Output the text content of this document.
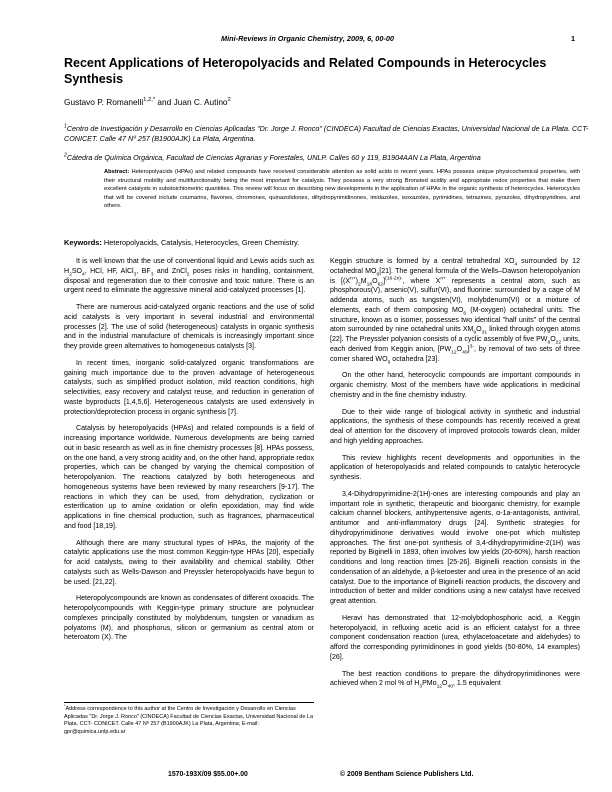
Mini-Reviews in Organic Chemistry, 2009, 6, 00-00	1
Recent Applications of Heteropolyacids and Related Compounds in Heterocycles Synthesis
Gustavo P. Romanelli$^{1,2,*}$ and Juan C. Autino$^2$
$^1$Centro de Investigación y Desarrollo en Ciencias Aplicadas "Dr. Jorge J. Ronco" (CINDECA) Facultad de Ciencias Exactas, Universidad Nacional de La Plata. CCT- CONICET. Calle 47 Nº 257 (B1900AJK) La Plata, Argentina.
$^2$Cátedra de Química Orgánica, Facultad de Ciencias Agrarias y Forestales, UNLP. Calles 60 y 119, B1904AAN La Plata, Argentina
Abstract: Heteropolyacids (HPAs) and related compounds have received considerable attention as solid acids in recent years. HPAs possess unique physicochemical properties, with their structural mobility and multifunctionality being the most important for catalysis. They possess a very strong Bronsted acidity and appropriate redox properties that make them excellent catalysts in substoichiometric quantities. This review will focus on describing new developments in the application of HPAs in the organic synthesis of heterocycles. Heterocycles that will be covered include coumarins, flavones, chromones, quinazolidones, dihydropyrimidinones, imidazoles, isoxazoles, pyrimidines, tetrazines, pyrazoles, dihydropyridines, and others.
Keywords: Heteropolyacids, Catalysis, Heterocycles, Green Chemistry.

It is well known that the use of conventional liquid and Lewis acids such as $H_2SO_4$, HCl, HF, AlCl$_3$, $BF_3$ and ZnCl$_2$ poses risks in handling, containment, disposal and regeneration due to their corrosive and toxic nature. There is an urgent need to eliminate the aggressive mineral acid-catalyzed processes [1].

There are numerous acid-catalyzed organic reactions and the use of solid acid catalysts is very important in several industrial and environmental processes [2]. The use of solid (heterogeneous) catalysts in organic synthesis and in the industrial manufacture of chemicals is increasingly important since they provide green alternatives to homogeneous catalysts [3].

In recent times, inorganic solid-catalyzed organic transformations are gaining much importance due to the proven advantage of heterogeneous catalysts, such as simplified product isolation, mild reaction conditions, high selectivities, easy recovery and catalyst reuse, and reduction in generation of waste byproducts [1,4,5,6]. Heterogeneous catalysts are used extensively in protection/deprotection process in organic synthesis [7].

Catalysis by heteropolyacids (HPAs) and related compounds is a field of increasing importance worldwide. Numerous developments are being carried out in basic research as well as in fine chemistry processes [8]. HPAs possess, on the one hand, a very strong acidity and, on the other hand, appropriate redox properties, which can be changed by varying the chemical composition of heteropolyanion. The reactions catalyzed by both heterogeneous and homogeneous systems have been reviewed by many researchers [9-17]. The reactions in which they can be used, from dehydration, cyclization or esterification up to amine oxidation or olefin epoxidation, may find wide applications in fine chemical production, such as fragrances, pharmaceutical and food [18,19].

Although there are many structural types of HPAs, the majority of the catalytic applications use the most common Keggin-type HPAs [20], especially for acid catalysts, owing to their availability and chemical stability. Other catalysts such as Wells-Dawson and Preyssler heteropolyacids have begun to be used. [21,22].

Heteropolycompounds are known as condensates of different oxoacids. The heteropolycompounds with Keggin-type primary structure are polynuclear complexes principally constituted by molybdenum, tungsten or vanadium as polyatoms (M), and phosphorus, silicon or germanium as central atom or heteroatom (X). The

Keggin structure is formed by a central tetrahedral $XO_4$ surrounded by 12 octahedral $MO_6[21]$. The general formula of the Wells–Dawson heteropolyanion is $[(X^{n+})_2M_{18}O_{62}]^{(16-2n)-}$, where $X^{n+}$ represents a central atom, such as phosphorous(V), arsenic(V), sulfur(VI), and fluorine: surrounded by a cage of M addenda atoms, such as tungsten(VI), molybdenum(VI) or a mixture of elements, each of them composing $MO_6$ (M-oxygen) octahedral units. The structure, known as α isomer, possesses two identical "half units" of the central atom surrounded by nine octahedral units $XM_9O_{31}$ linked through oxygen atoms [22]. The Preyssler polyanion consists of a cyclic assembly of five $PW_6O_{22}$ units, each derived from Keggin anion, $[PW_{12}O_{40}]^{3-}$, by removal of two sets of three corner shared $WO_6$ octahedra [23].

On the other hand, heterocyclic compounds are important compounds in organic chemistry. Most of the members have wide applications in medicinal chemistry and in the fine chemistry industry.

Due to their wide range of biological activity in synthetic and industrial applications, the synthesis of these compounds has recently received a great deal of attention for the discovery of improved protocols towards clean, milder and high yielding approaches.

This review highlights recent developments and opportunities in the application of heteropolyacids and related compounds to catalytic heterocycle synthesis.

3,4-Dihydropyrimidine-2(1H)-ones are interesting compounds and play an important role in synthetic, therapeutic and bioorganic chemistry, for example calcium channel blockers, antihypertensive agents, α-1a-antagonists, antiviral, antitumor and anti-inflammatory drugs [24]. Synthetic strategies for dihydropyrimidinone derivatives would involve one-pot which multistep approaches. The first one-pot synthesis of 3,4-dihydropyrimidine-2(1H) was reported by Biginelli in 1893, often involves low yields (20-60%), harsh reaction conditions and long reaction times [25-26]. Biginelli reaction consists in the condensation of an aldehyde, a β-ketoester and urea in the presence of an acid catalyst. Due to the importance of Biginelli reaction products, the discovery and introduction of better and milder conditions using a new catalyst have received great attention.

Heravi has demonstrated that 12-molybdophosphoric acid, a Keggin heteropolyacid, in refluxing acetic acid is an efficient catalyst for a three component condensation reaction (urea, ethylacetoacetate and aldehydes) to afford the corresponding pyrimidinones in good yields (50-80%, 14 examples) [26].

The best reaction conditions to prepare the dihydropyrimidinones were achieved when 2 mol % of $H_3PMo_{12}O_{40}$, 1.5 equivalent

*Address correspondence to this author at the Centro de Investigación y Desarrollo en Ciencias Aplicadas "Dr. Jorge J. Ronco" (CINDECA) Facultad de Ciencias Exactas, Universidad Nacional de La Plata. CCT- CONICET. Calle 47 Nº 257 (B1900AJK) La Plata, Argentina; E-mail: gpr@quimica.unlp.edu.ar
1570-193X/09 $55.00+.00	© 2009 Bentham Science Publishers Ltd.
